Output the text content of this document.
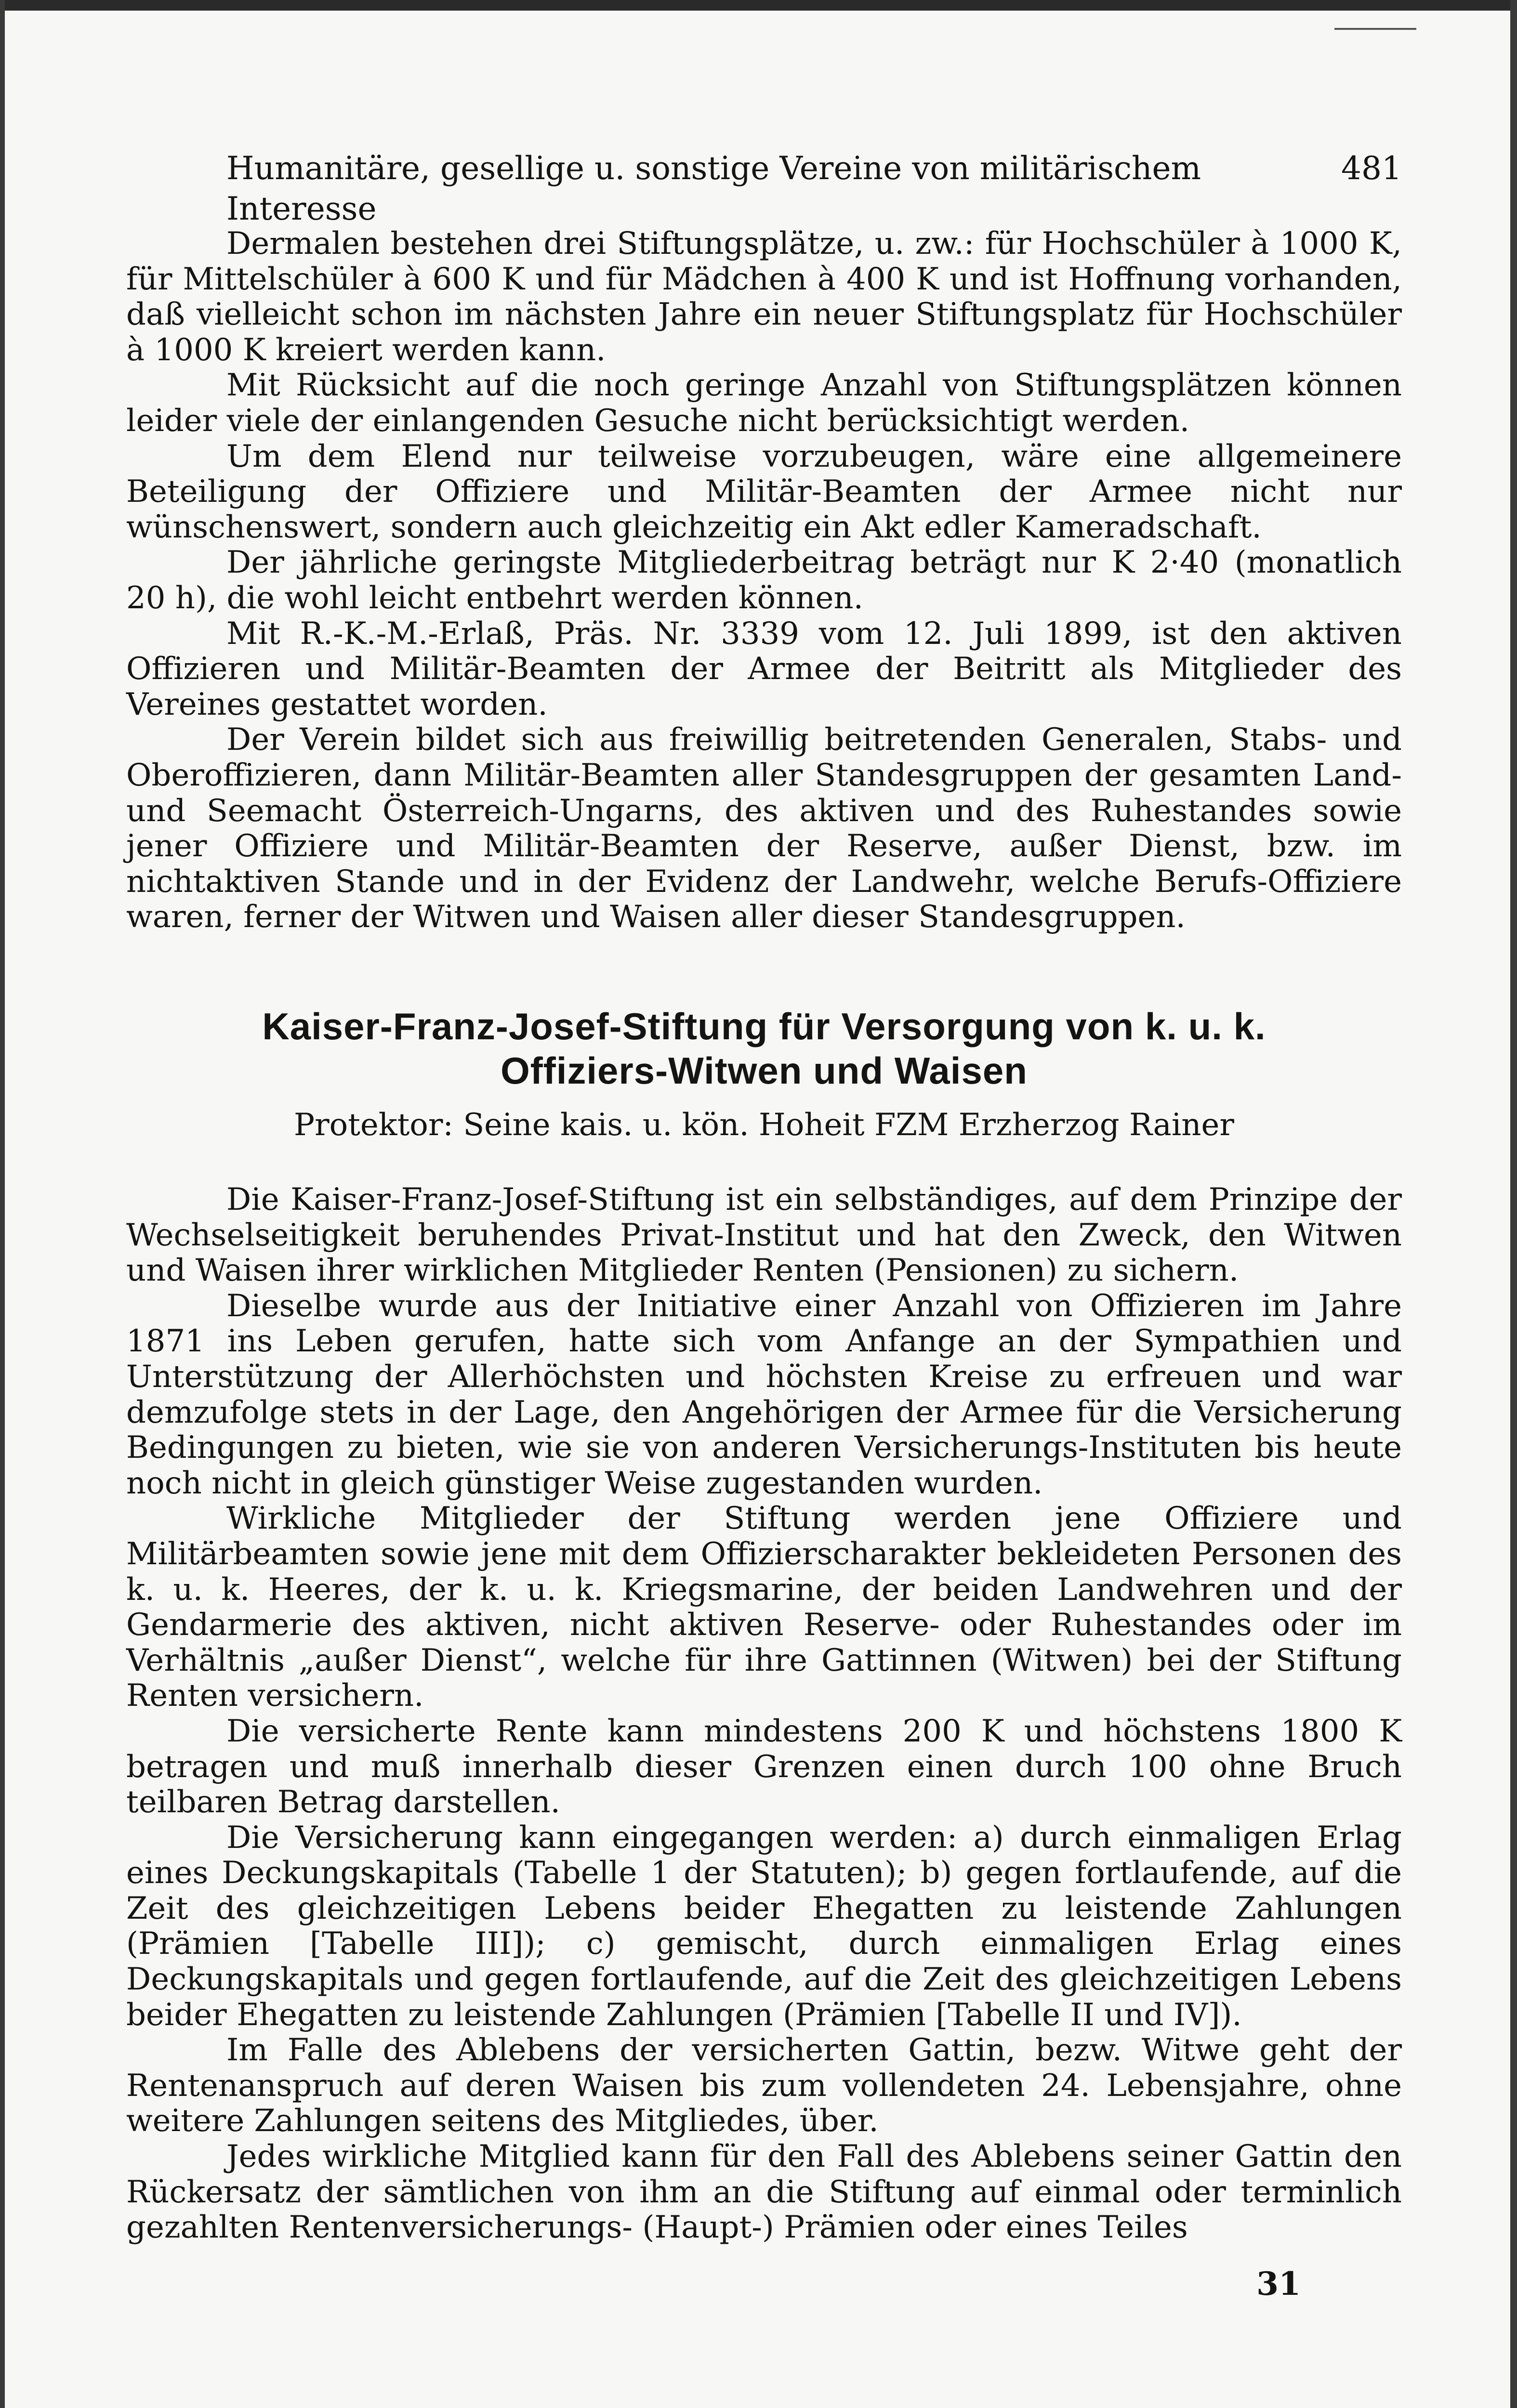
Humanitäre, gesellige u. sonstige Vereine von militärischem Interesse
481

Dermalen bestehen drei Stiftungsplätze, u. zw.: für Hochschüler à 1000 K, für Mittelschüler à 600 K und für Mädchen à 400 K und ist Hoffnung vorhanden, daß vielleicht schon im nächsten Jahre ein neuer Stiftungsplatz für Hochschüler à 1000 K kreiert werden kann.

Mit Rücksicht auf die noch geringe Anzahl von Stiftungsplätzen können leider viele der einlangenden Gesuche nicht berücksichtigt werden.

Um dem Elend nur teilweise vorzubeugen, wäre eine allgemeinere Beteiligung der Offiziere und Militär-Beamten der Armee nicht nur wünschenswert, sondern auch gleichzeitig ein Akt edler Kameradschaft.

Der jährliche geringste Mitgliederbeitrag beträgt nur K 2·40 (monatlich 20 h), die wohl leicht entbehrt werden können.

Mit R.-K.-M.-Erlaß, Präs. Nr. 3339 vom 12. Juli 1899, ist den aktiven Offizieren und Militär-Beamten der Armee der Beitritt als Mitglieder des Vereines gestattet worden.

Der Verein bildet sich aus freiwillig beitretenden Generalen, Stabs- und Oberoffizieren, dann Militär-Beamten aller Standesgruppen der gesamten Land- und Seemacht Österreich-Ungarns, des aktiven und des Ruhestandes sowie jener Offiziere und Militär-Beamten der Reserve, außer Dienst, bzw. im nichtaktiven Stande und in der Evidenz der Landwehr, welche Berufs-Offiziere waren, ferner der Witwen und Waisen aller dieser Standesgruppen.

Kaiser-Franz-Josef-Stiftung für Versorgung von k. u. k.
Offiziers-Witwen und Waisen
Protektor: Seine kais. u. kön. Hoheit FZM Erzherzog Rainer

Die Kaiser-Franz-Josef-Stiftung ist ein selbständiges, auf dem Prinzipe der Wechselseitigkeit beruhendes Privat-Institut und hat den Zweck, den Witwen und Waisen ihrer wirklichen Mitglieder Renten (Pensionen) zu sichern.

Dieselbe wurde aus der Initiative einer Anzahl von Offizieren im Jahre 1871 ins Leben gerufen, hatte sich vom Anfange an der Sympathien und Unterstützung der Allerhöchsten und höchsten Kreise zu erfreuen und war demzufolge stets in der Lage, den Angehörigen der Armee für die Versicherung Bedingungen zu bieten, wie sie von anderen Versicherungs-Instituten bis heute noch nicht in gleich günstiger Weise zugestanden wurden.

Wirkliche Mitglieder der Stiftung werden jene Offiziere und Militärbeamten sowie jene mit dem Offizierscharakter bekleideten Personen des k. u. k. Heeres, der k. u. k. Kriegsmarine, der beiden Landwehren und der Gendarmerie des aktiven, nicht aktiven Reserve- oder Ruhestandes oder im Verhältnis „außer Dienst“, welche für ihre Gattinnen (Witwen) bei der Stiftung Renten versichern.

Die versicherte Rente kann mindestens 200 K und höchstens 1800 K betragen und muß innerhalb dieser Grenzen einen durch 100 ohne Bruch teilbaren Betrag darstellen.

Die Versicherung kann eingegangen werden: a) durch einmaligen Erlag eines Deckungskapitals (Tabelle 1 der Statuten); b) gegen fortlaufende, auf die Zeit des gleichzeitigen Lebens beider Ehegatten zu leistende Zahlungen (Prämien [Tabelle III]); c) gemischt, durch einmaligen Erlag eines Deckungskapitals und gegen fortlaufende, auf die Zeit des gleichzeitigen Lebens beider Ehegatten zu leistende Zahlungen (Prämien [Tabelle II und IV]).

Im Falle des Ablebens der versicherten Gattin, bezw. Witwe geht der Rentenanspruch auf deren Waisen bis zum vollendeten 24. Lebensjahre, ohne weitere Zahlungen seitens des Mitgliedes, über.

Jedes wirkliche Mitglied kann für den Fall des Ablebens seiner Gattin den Rückersatz der sämtlichen von ihm an die Stiftung auf einmal oder terminlich gezahlten Rentenversicherungs- (Haupt-) Prämien oder eines Teiles

31
